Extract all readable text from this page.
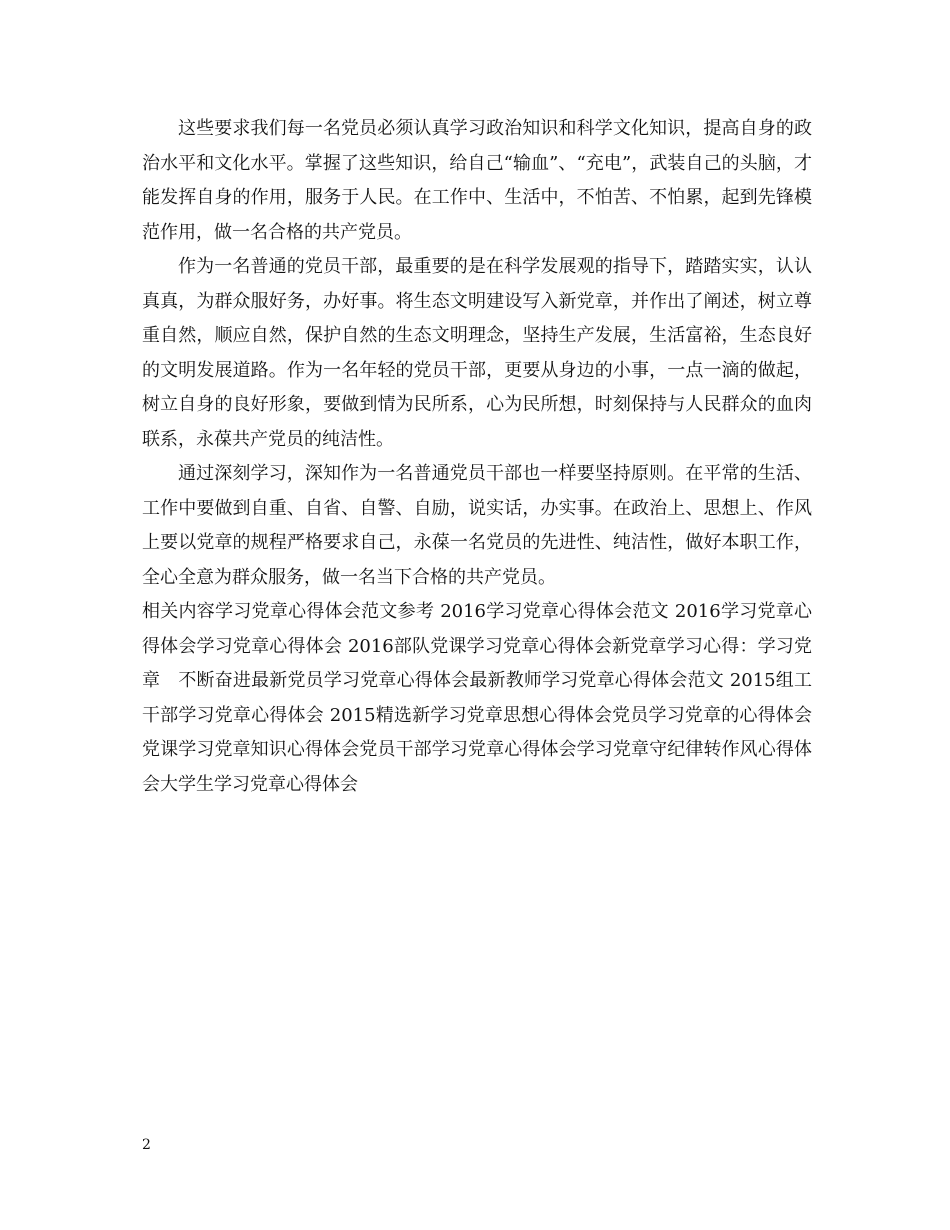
这些要求我们每一名党员必须认真学习政治知识和科学文化知识，提高自身的政治水平和文化水平。掌握了这些知识，给自己“输血”、“充电”，武装自己的头脑，才能发挥自身的作用，服务于人民。在工作中、生活中，不怕苦、不怕累，起到先锋模范作用，做一名合格的共产党员。

作为一名普通的党员干部，最重要的是在科学发展观的指导下，踏踏实实，认认真真，为群众服好务，办好事。将生态文明建设写入新党章，并作出了阐述，树立尊重自然，顺应自然，保护自然的生态文明理念，坚持生产发展，生活富裕，生态良好的文明发展道路。作为一名年轻的党员干部，更要从身边的小事，一点一滴的做起，树立自身的良好形象，要做到情为民所系，心为民所想，时刻保持与人民群众的血肉联系，永葆共产党员的纯洁性。

通过深刻学习，深知作为一名普通党员干部也一样要坚持原则。在平常的生活、工作中要做到自重、自省、自警、自励，说实话，办实事。在政治上、思想上、作风上要以党章的规程严格要求自己，永葆一名党员的先进性、纯洁性，做好本职工作，全心全意为群众服务，做一名当下合格的共产党员。

相关内容学习党章心得体会范文参考 2016学习党章心得体会范文 2016学习党章心得体会学习党章心得体会 2016部队党课学习党章心得体会新党章学习心得：学习党章　不断奋进最新党员学习党章心得体会最新教师学习党章心得体会范文 2015组工干部学习党章心得体会 2015精选新学习党章思想心得体会党员学习党章的心得体会党课学习党章知识心得体会党员干部学习党章心得体会学习党章守纪律转作风心得体会大学生学习党章心得体会

2
